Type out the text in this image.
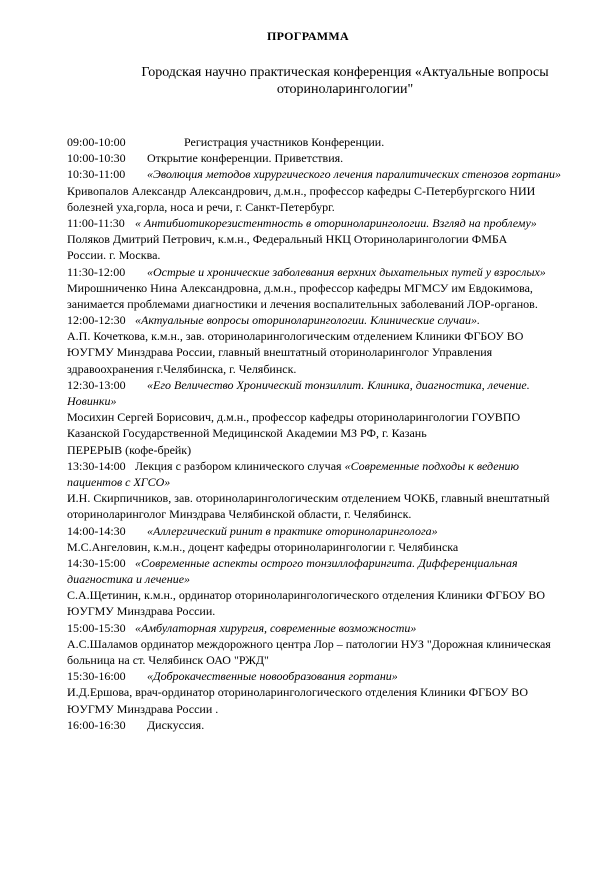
ПРОГРАММА
Городская научно практическая конференция «Актуальные вопросы
оториноларингологии"
09:00-10:00	Регистрация участников Конференции.
10:00-10:30 Открытие конференции. Приветствия.
10:30-11:00 «Эволюция методов хирургического лечения паралитических стенозов гортани»
Кривопалов Александр Александрович, д.м.н., профессор кафедры С-Петербургского НИИ
болезней уха,горла, носа и речи, г. Санкт-Петербург.
11:00-11:30 « Антибиотикорезистентность в оториноларингологии. Взгляд на проблему»
Поляков Дмитрий Петрович, к.м.н., Федеральный НКЦ Оториноларингологии ФМБА
России. г. Москва.
11:30-12:00 «Острые и хронические заболевания верхних дыхательных путей у взрослых»
Мирошниченко Нина Александровна, д.м.н., профессор кафедры МГМСУ им Евдокимова,
занимается проблемами диагностики и лечения воспалительных заболеваний ЛОР-органов.
12:00-12:30 «Актуальные вопросы оториноларингологии. Клинические случаи».
А.П. Кочеткова, к.м.н., зав. оториноларингологическим отделением Клиники ФГБОУ ВО
ЮУГМУ Минздрава России, главный внештатный оториноларинголог Управления
здравоохранения г.Челябинска, г. Челябинск.
12:30-13:00 «Его Величество Хронический тонзиллит. Клиника, диагностика, лечение.
Новинки»
Мосихин Сергей Борисович, д.м.н., профессор кафедры оториноларингологии ГОУВПО
Казанской Государственной Медицинской Академии МЗ РФ, г. Казань
ПЕРЕРЫВ (кофе-брейк)
13:30-14:00 Лекция с разбором клинического случая «Современные подходы к ведению
пациентов с ХГСО»
И.Н. Скирпичников, зав. оториноларингологическим отделением ЧОКБ, главный внештатный
оториноларинголог Минздрава Челябинской области, г. Челябинск.
14:00-14:30 «Аллергический ринит в практике оториноларинголога»
М.С.Ангеловин, к.м.н., доцент кафедры оториноларингологии г. Челябинска
14:30-15:00 «Современные аспекты острого тонзиллофарингита. Дифференциальная
диагностика и лечение»
С.А.Щетинин, к.м.н., ординатор оториноларингологического отделения Клиники ФГБОУ ВО
ЮУГМУ Минздрава России.
15:00-15:30 «Амбулаторная хирургия, современные возможности»
А.С.Шаламов ординатор междорожного центра Лор – патологии НУЗ "Дорожная клиническая
больница на ст. Челябинск ОАО "РЖД"
15:30-16:00 «Доброкачественные новообразования гортани»
И.Д.Ершова, врач-ординатор оториноларингологического отделения Клиники ФГБОУ ВО
ЮУГМУ Минздрава России .
16:00-16:30 Дискуссия.
